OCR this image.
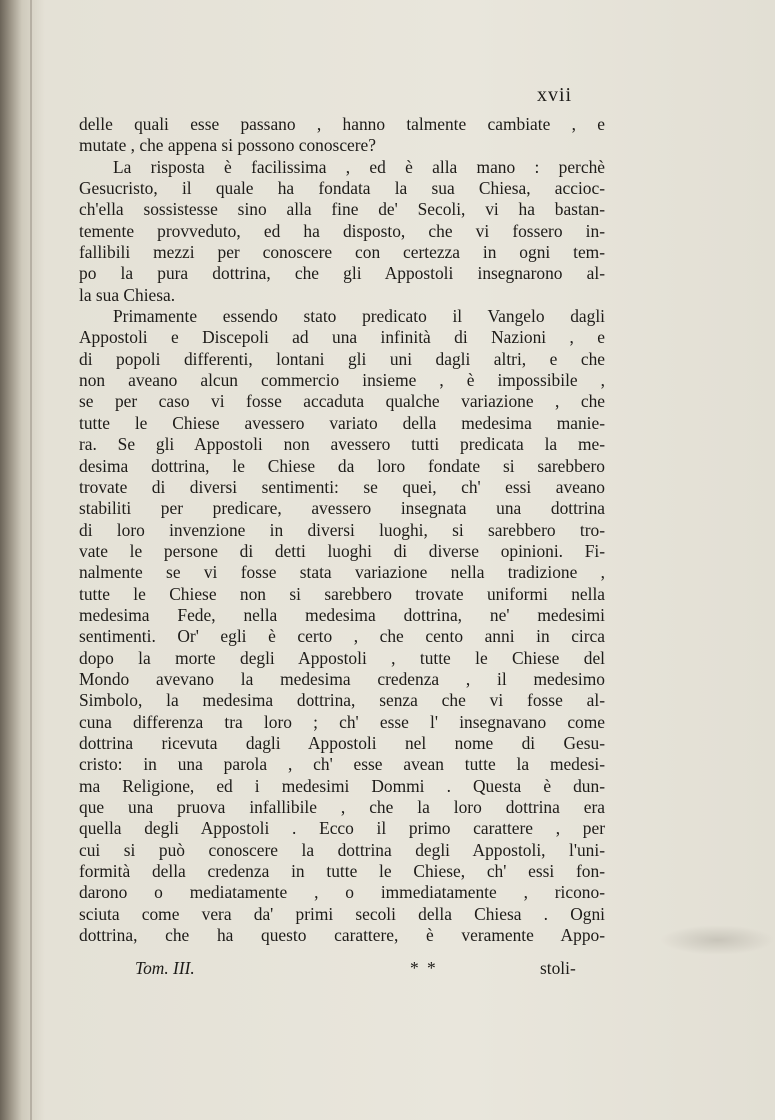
xvii
delle quali esse passano , hanno talmente cambiate , e
mutate , che appena si possono conoscere?
La risposta è facilissima , ed è alla mano : perchè
Gesucristo, il quale ha fondata la sua Chiesa, accioc-
ch'ella sossistesse sino alla fine de' Secoli, vi ha bastan-
temente provveduto, ed ha disposto, che vi fossero in-
fallibili mezzi per conoscere con certezza in ogni tem-
po la pura dottrina, che gli Appostoli insegnarono al-
la sua Chiesa.
Primamente essendo stato predicato il Vangelo dagli
Appostoli e Discepoli ad una infinità di Nazioni , e
di popoli differenti, lontani gli uni dagli altri, e che
non aveano alcun commercio insieme , è impossibile ,
se per caso vi fosse accaduta qualche variazione , che
tutte le Chiese avessero variato della medesima manie-
ra. Se gli Appostoli non avessero tutti predicata la me-
desima dottrina, le Chiese da loro fondate si sarebbero
trovate di diversi sentimenti: se quei, ch' essi aveano
stabiliti per predicare, avessero insegnata una dottrina
di loro invenzione in diversi luoghi, si sarebbero tro-
vate le persone di detti luoghi di diverse opinioni. Fi-
nalmente se vi fosse stata variazione nella tradizione ,
tutte le Chiese non si sarebbero trovate uniformi nella
medesima Fede, nella medesima dottrina, ne' medesimi
sentimenti. Or' egli è certo , che cento anni in circa
dopo la morte degli Appostoli , tutte le Chiese del
Mondo avevano la medesima credenza , il medesimo
Simbolo, la medesima dottrina, senza che vi fosse al-
cuna differenza tra loro ; ch' esse l' insegnavano come
dottrina ricevuta dagli Appostoli nel nome di Gesu-
cristo: in una parola , ch' esse avean tutte la medesi-
ma Religione, ed i medesimi Dommi . Questa è dun-
que una pruova infallibile , che la loro dottrina era
quella degli Appostoli . Ecco il primo carattere , per
cui si può conoscere la dottrina degli Appostoli, l'uni-
formità della credenza in tutte le Chiese, ch' essi fon-
darono o mediatamente , o immediatamente , ricono-
sciuta come vera da' primi secoli della Chiesa . Ogni
dottrina, che ha questo carattere, è veramente Appo-
Tom. III.	* *	stoli-
